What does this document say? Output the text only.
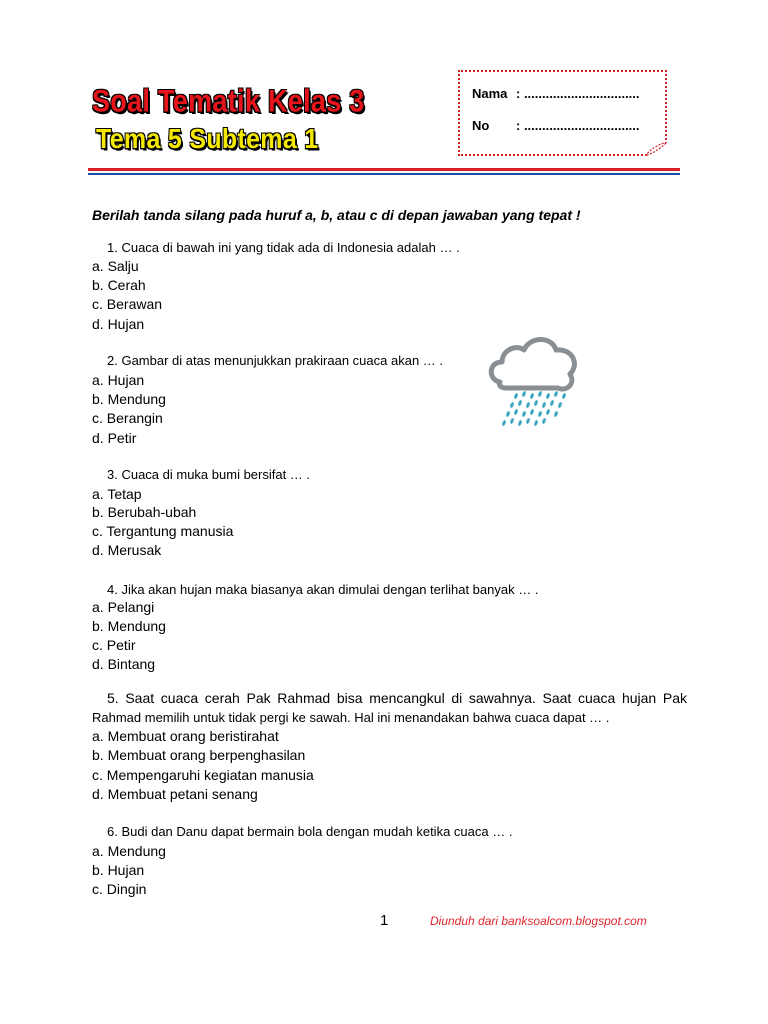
Soal Tematik Kelas 3
Tema 5 Subtema 1
Nama : ................................
No : ................................
Berilah tanda silang pada huruf a, b, atau c di depan jawaban yang tepat !
1. Cuaca di bawah ini yang tidak ada di Indonesia adalah … .
a. Salju
b. Cerah
c. Berawan
d. Hujan
2. Gambar di atas menunjukkan prakiraan cuaca akan … .
a. Hujan
b. Mendung
c. Berangin
d. Petir
3. Cuaca di muka bumi bersifat … .
a. Tetap
b. Berubah-ubah
c. Tergantung manusia
d. Merusak
4. Jika akan hujan maka biasanya akan dimulai dengan terlihat banyak … .
a. Pelangi
b. Mendung
c. Petir
d. Bintang
5. Saat cuaca cerah Pak Rahmad bisa mencangkul di sawahnya. Saat cuaca hujan Pak
Rahmad memilih untuk tidak pergi ke sawah. Hal ini menandakan bahwa cuaca dapat … .
a. Membuat orang beristirahat
b. Membuat orang berpenghasilan
c. Mempengaruhi kegiatan manusia
d. Membuat petani senang
6. Budi dan Danu dapat bermain bola dengan mudah ketika cuaca … .
a. Mendung
b. Hujan
c. Dingin
1	Diunduh dari banksoalcom.blogspot.com
